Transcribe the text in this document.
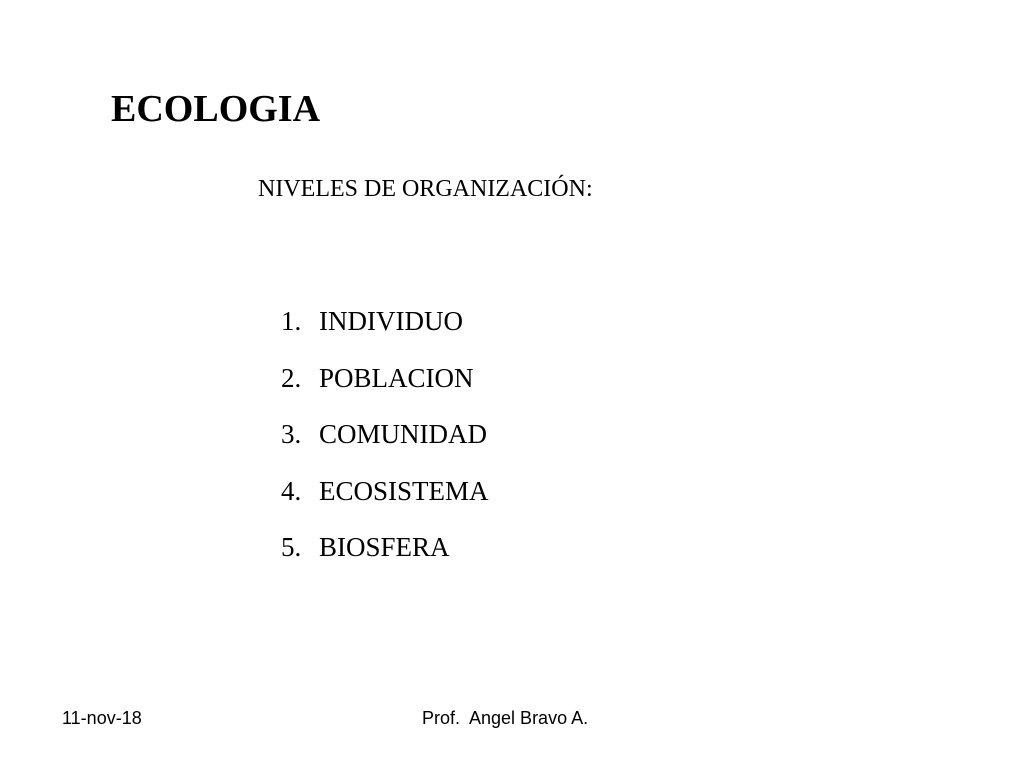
ECOLOGIA
NIVELES DE ORGANIZACIÓN:
1. INDIVIDUO
2. POBLACION
3. COMUNIDAD
4. ECOSISTEMA
5. BIOSFERA
11-nov-18	Prof.  Angel Bravo A.
